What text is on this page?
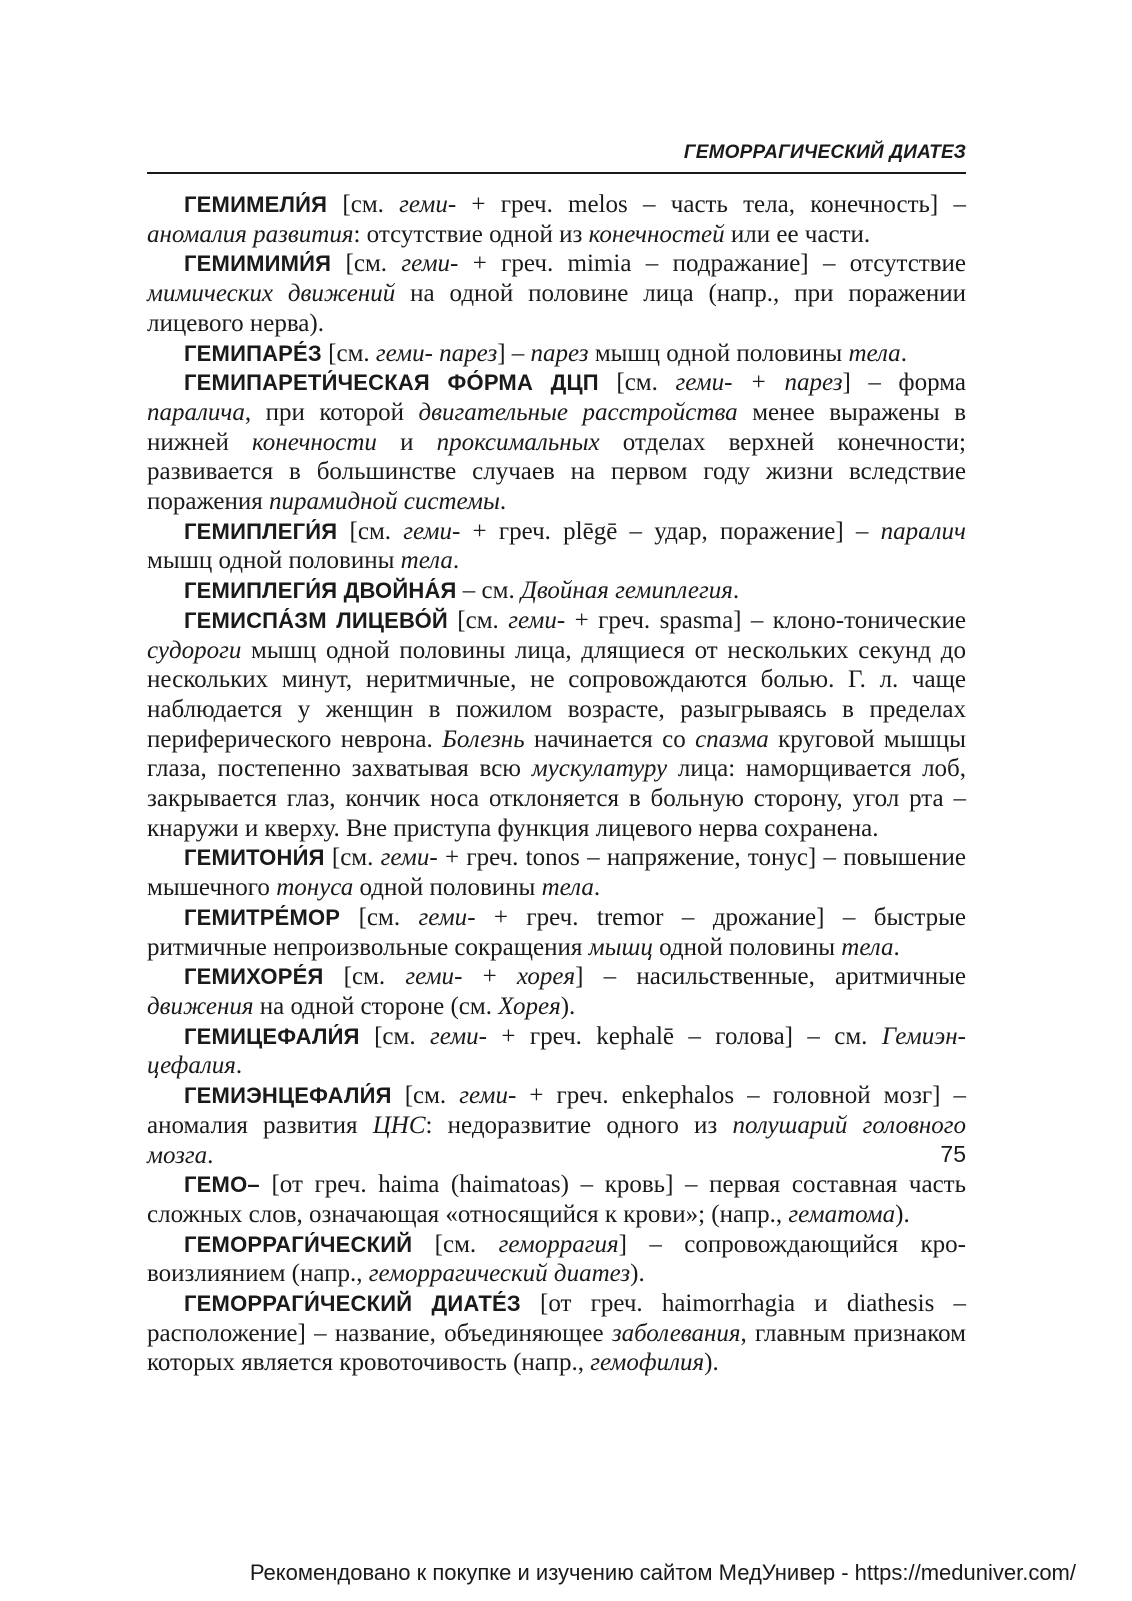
ГЕМОРРАГИЧЕСКИЙ ДИАТЕЗ

ГЕМИМЕЛИ́Я [см. геми- + греч. melos – часть тела, конечность] – аномалия развития: отсутствие одной из конечностей или ее части.

ГЕМИМИМИ́Я [см. геми- + греч. mimia – подражание] – отсутствие мимических движений на одной половине лица (напр., при поражении лицевого нерва).

ГЕМИПАРЕ́З [см. геми- парез] – парез мышц одной половины тела.

ГЕМИПАРЕТИ́ЧЕСКАЯ ФО́РМА ДЦП [см. геми- + парез] – форма паралича, при которой двигательные расстройства менее выражены в нижней конечности и проксимальных отделах верхней конечности; развивается в большинстве случаев на первом году жизни вследствие поражения пирамидной системы.

ГЕМИПЛЕГИ́Я [см. геми- + греч. plēgē – удар, поражение] – паралич мышц одной половины тела.

ГЕМИПЛЕГИ́Я ДВОЙНА́Я – см. Двойная гемиплегия.

ГЕМИСПА́ЗМ ЛИЦЕВО́Й [см. геми- + греч. spasma] – клоно-тонические судороги мышц одной половины лица, длящиеся от нескольких секунд до нескольких минут, неритмичные, не сопровождаются болью. Г. л. чаще наблюдается у женщин в пожилом возрасте, разыгрываясь в пределах периферического неврона. Болезнь начинается со спазма круговой мышцы глаза, постепенно захватывая всю мускулатуру лица: наморщивается лоб, закрывается глаз, кончик носа отклоняется в больную сторону, угол рта – кнаружи и кверху. Вне приступа функция лицевого нерва сохранена.

ГЕМИТОНИ́Я [см. геми- + греч. tonos – напряжение, тонус] – повышение мышечного тонуса одной половины тела.

ГЕМИТРЕ́МОР [см. геми- + греч. tremor – дрожание] – быстрые ритмичные непроизвольные сокращения мышц одной половины тела.

ГЕМИХОРЕ́Я [см. геми- + хорея] – насильственные, аритмичные движения на одной стороне (см. Хорея).

ГЕМИЦЕФАЛИ́Я [см. геми- + греч. kephalē – голова] – см. Гемиэнцефалия.

ГЕМИЭНЦЕФАЛИ́Я [см. геми- + греч. enkephalos – головной мозг] – аномалия развития ЦНС: недоразвитие одного из полушарий головного мозга.

ГЕМО– [от греч. haima (haimatoas) – кровь] – первая составная часть сложных слов, означающая «относящийся к крови»; (напр., гематома).

ГЕМОРРАГИ́ЧЕСКИЙ [см. геморрагия] – сопровождающийся кровоизлиянием (напр., геморрагический диатез).

ГЕМОРРАГИ́ЧЕСКИЙ ДИАТЕ́З [от греч. haimorrhagia и diathesis – расположение] – название, объединяющее заболевания, главным признаком которых является кровоточивость (напр., гемофилия).

75
Рекомендовано к покупке и изучению сайтом МедУнивер - https://meduniver.com/
